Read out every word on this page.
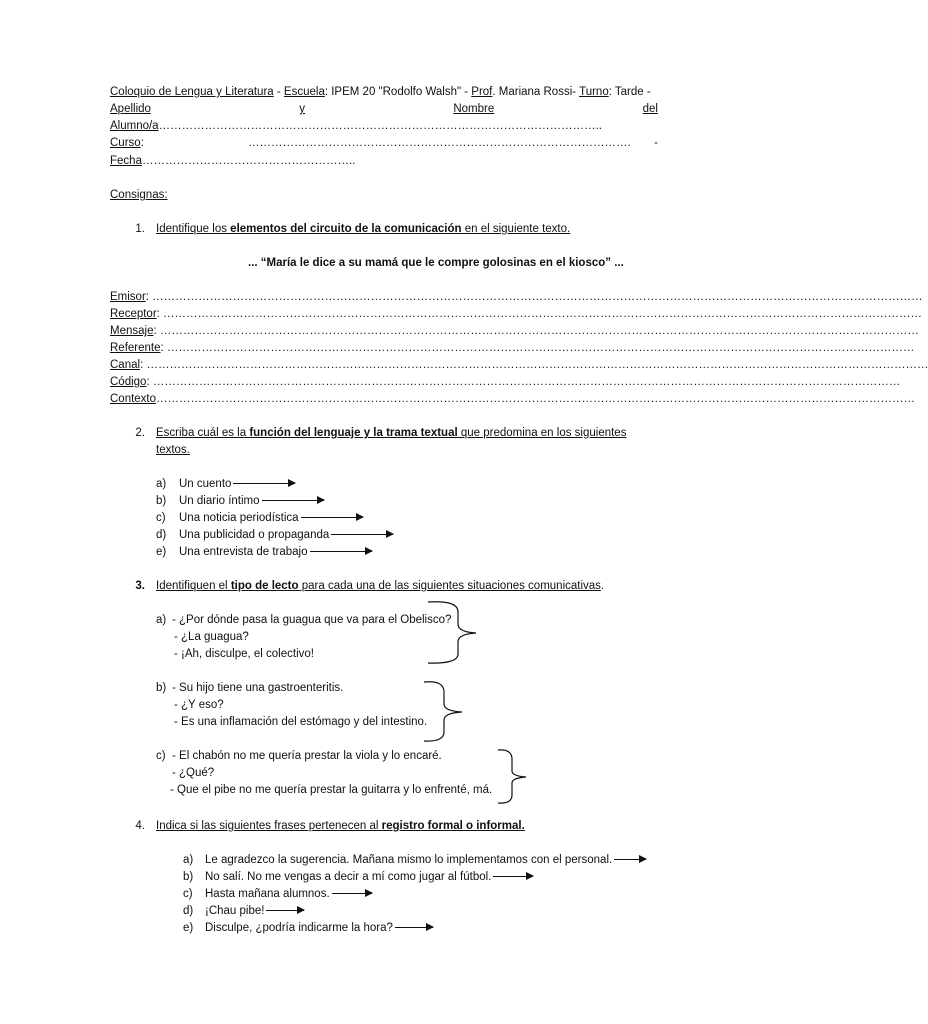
Coloquio de Lengua y Literatura - Escuela: IPEM 20 "Rodolfo Walsh" - Prof. Mariana Rossi- Turno: Tarde -
Apellido	y	Nombre	del
Alumno/a……………………………………………………………………………………………………..
Curso:	………………………………………………………………………………………. -
Fecha………………………………………………..
Consignas:
1. Identifique los elementos del circuito de la comunicación en el siguiente texto.
... “María le dice a su mamá que le compre golosinas en el kiosco” ...
Emisor: …………………………………………………………………………………………………………………………………………………………………………………
Receptor: ………………………………………………………………………………………………………………………………………………………………………………
Mensaje: ………………………………………………………………………………………………………………………………………………………………………………
Referente: ……………………………………………………………………………………………………………………………………………………………………………
Canal: ……………………………………………………………………………………………………………………………………………………………………………………
Código: ……………………………………………………………………………………………………………………………………………………………………………
Contexto………………………………………………………………………………………………………………………………………………………………………………
2. Escriba cuál es la función del lenguaje y la trama textual que predomina en los siguientes
textos.
a) Un cuento
b) Un diario íntimo
c) Una noticia periodística
d) Una publicidad o propaganda
e) Una entrevista de trabajo
3. Identifiquen el tipo de lecto para cada una de las siguientes situaciones comunicativas.
a) - ¿Por dónde pasa la guagua que va para el Obelisco?
- ¿La guagua?
- ¡Ah, disculpe, el colectivo!
b) - Su hijo tiene una gastroenteritis.
- ¿Y eso?
- Es una inflamación del estómago y del intestino.
c) - El chabón no me quería prestar la viola y lo encaré.
- ¿Qué?
- Que el pibe no me quería prestar la guitarra y lo enfrenté, má.
4. Indica si las siguientes frases pertenecen al registro formal o informal.
a) Le agradezco la sugerencia. Mañana mismo lo implementamos con el personal.
b) No salí. No me vengas a decir a mí como jugar al fútbol.
c) Hasta mañana alumnos.
d) ¡Chau pibe!
e) Disculpe, ¿podría indicarme la hora?
